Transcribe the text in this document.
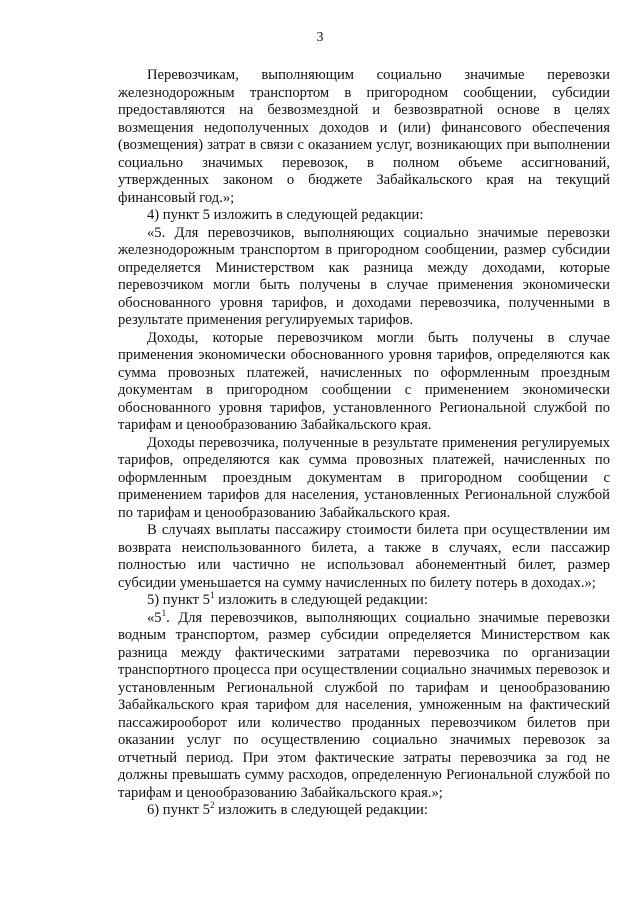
3

Перевозчикам, выполняющим социально значимые перевозки железнодорожным транспортом в пригородном сообщении, субсидии предоставляются на безвозмездной и безвозвратной основе в целях возмещения недополученных доходов и (или) финансового обеспечения (возмещения) затрат в связи с оказанием услуг, возникающих при выполнении социально значимых перевозок, в полном объеме ассигнований, утвержденных законом о бюджете Забайкальского края на текущий финансовый год.»;

4) пункт 5 изложить в следующей редакции:

«5. Для перевозчиков, выполняющих социально значимые перевозки железнодорожным транспортом в пригородном сообщении, размер субсидии определяется Министерством как разница между доходами, которые перевозчиком могли быть получены в случае применения экономически обоснованного уровня тарифов, и доходами перевозчика, полученными в результате применения регулируемых тарифов.

Доходы, которые перевозчиком могли быть получены в случае применения экономически обоснованного уровня тарифов, определяются как сумма провозных платежей, начисленных по оформленным проездным документам в пригородном сообщении с применением экономически обоснованного уровня тарифов, установленного Региональной службой по тарифам и ценообразованию Забайкальского края.

Доходы перевозчика, полученные в результате применения регулируемых тарифов, определяются как сумма провозных платежей, начисленных по оформленным проездным документам в пригородном сообщении с применением тарифов для населения, установленных Региональной службой по тарифам и ценообразованию Забайкальского края.

В случаях выплаты пассажиру стоимости билета при осуществлении им возврата неиспользованного билета, а также в случаях, если пассажир полностью или частично не использовал абонементный билет, размер субсидии уменьшается на сумму начисленных по билету потерь в доходах.»;

5) пункт $5^1$ изложить в следующей редакции:

«$5^1$. Для перевозчиков, выполняющих социально значимые перевозки водным транспортом, размер субсидии определяется Министерством как разница между фактическими затратами перевозчика по организации транспортного процесса при осуществлении социально значимых перевозок и установленным Региональной службой по тарифам и ценообразованию Забайкальского края тарифом для населения, умноженным на фактический пассажирооборот или количество проданных перевозчиком билетов при оказании услуг по осуществлению социально значимых перевозок за отчетный период. При этом фактические затраты перевозчика за год не должны превышать сумму расходов, определенную Региональной службой по тарифам и ценообразованию Забайкальского края.»;

6) пункт $5^2$ изложить в следующей редакции:
